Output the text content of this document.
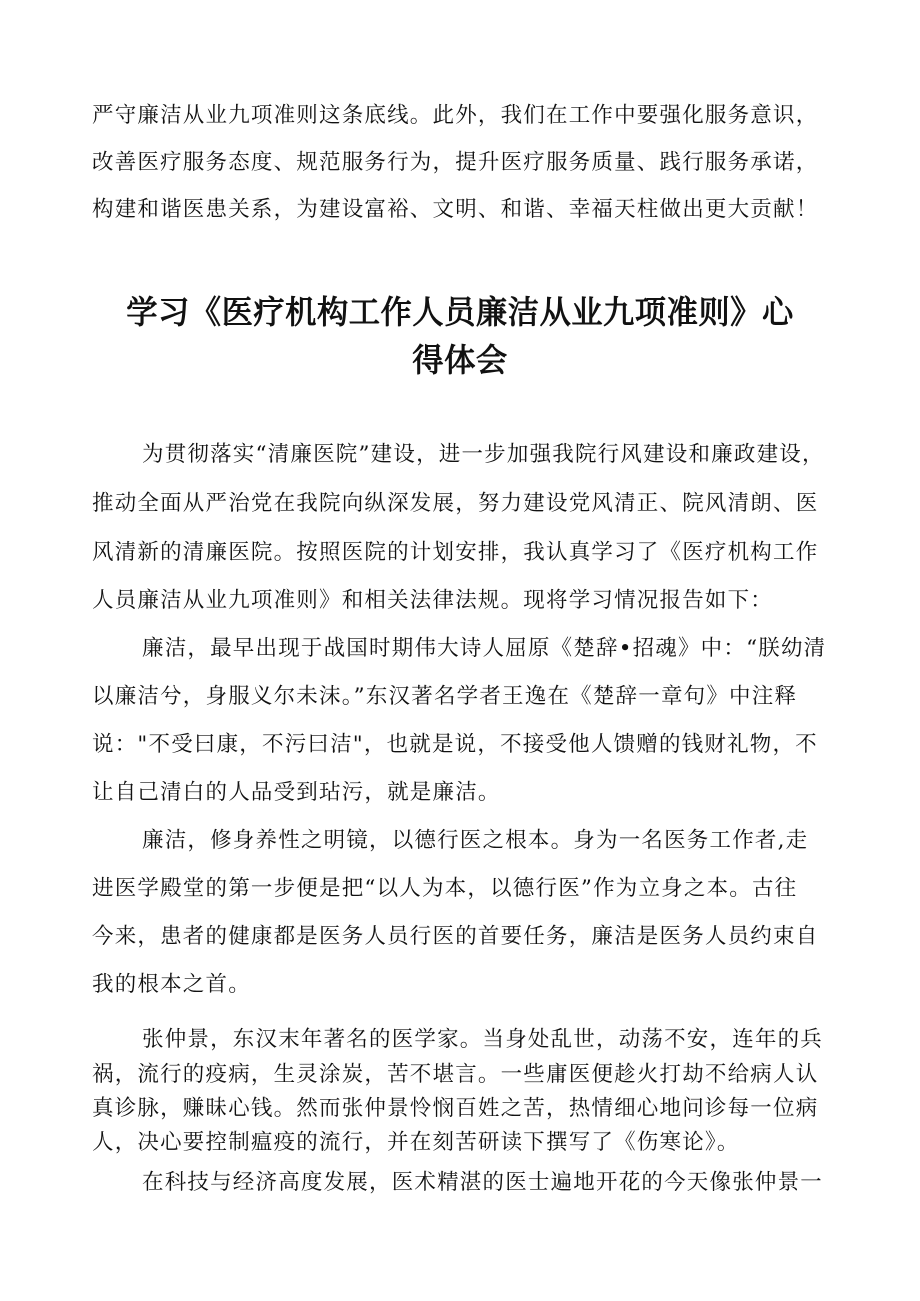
严守廉洁从业九项准则这条底线。此外，我们在工作中要强化服务意识，
改善医疗服务态度、规范服务行为，提升医疗服务质量、践行服务承诺，
构建和谐医患关系，为建设富裕、文明、和谐、幸福天柱做出更大贡献！
学习《医疗机构工作人员廉洁从业九项准则》心
得体会
为贯彻落实“清廉医院”建设，进一步加强我院行风建设和廉政建设，
推动全面从严治党在我院向纵深发展，努力建设党风清正、院风清朗、医
风清新的清廉医院。按照医院的计划安排，我认真学习了《医疗机构工作
人员廉洁从业九项准则》和相关法律法规。现将学习情况报告如下：
廉洁，最早出现于战国时期伟大诗人屈原《楚辞•招魂》中：“朕幼清
以廉洁兮，身服义尔未沫。”东汉著名学者王逸在《楚辞一章句》中注释
说："不受曰康，不污曰洁"，也就是说，不接受他人馈赠的钱财礼物，不
让自己清白的人品受到玷污，就是廉洁。
廉洁，修身养性之明镜，以德行医之根本。身为一名医务工作者,走
进医学殿堂的第一步便是把“以人为本，以德行医”作为立身之本。古往
今来，患者的健康都是医务人员行医的首要任务，廉洁是医务人员约束自
我的根本之首。
张仲景，东汉末年著名的医学家。当身处乱世，动荡不安，连年的兵
祸，流行的疫病，生灵涂炭，苦不堪言。一些庸医便趁火打劫不给病人认
真诊脉，赚昧心钱。然而张仲景怜悯百姓之苦，热情细心地问诊每一位病
人，决心要控制瘟疫的流行，并在刻苦研读下撰写了《伤寒论》。
在科技与经济高度发展，医术精湛的医士遍地开花的今天像张仲景一
